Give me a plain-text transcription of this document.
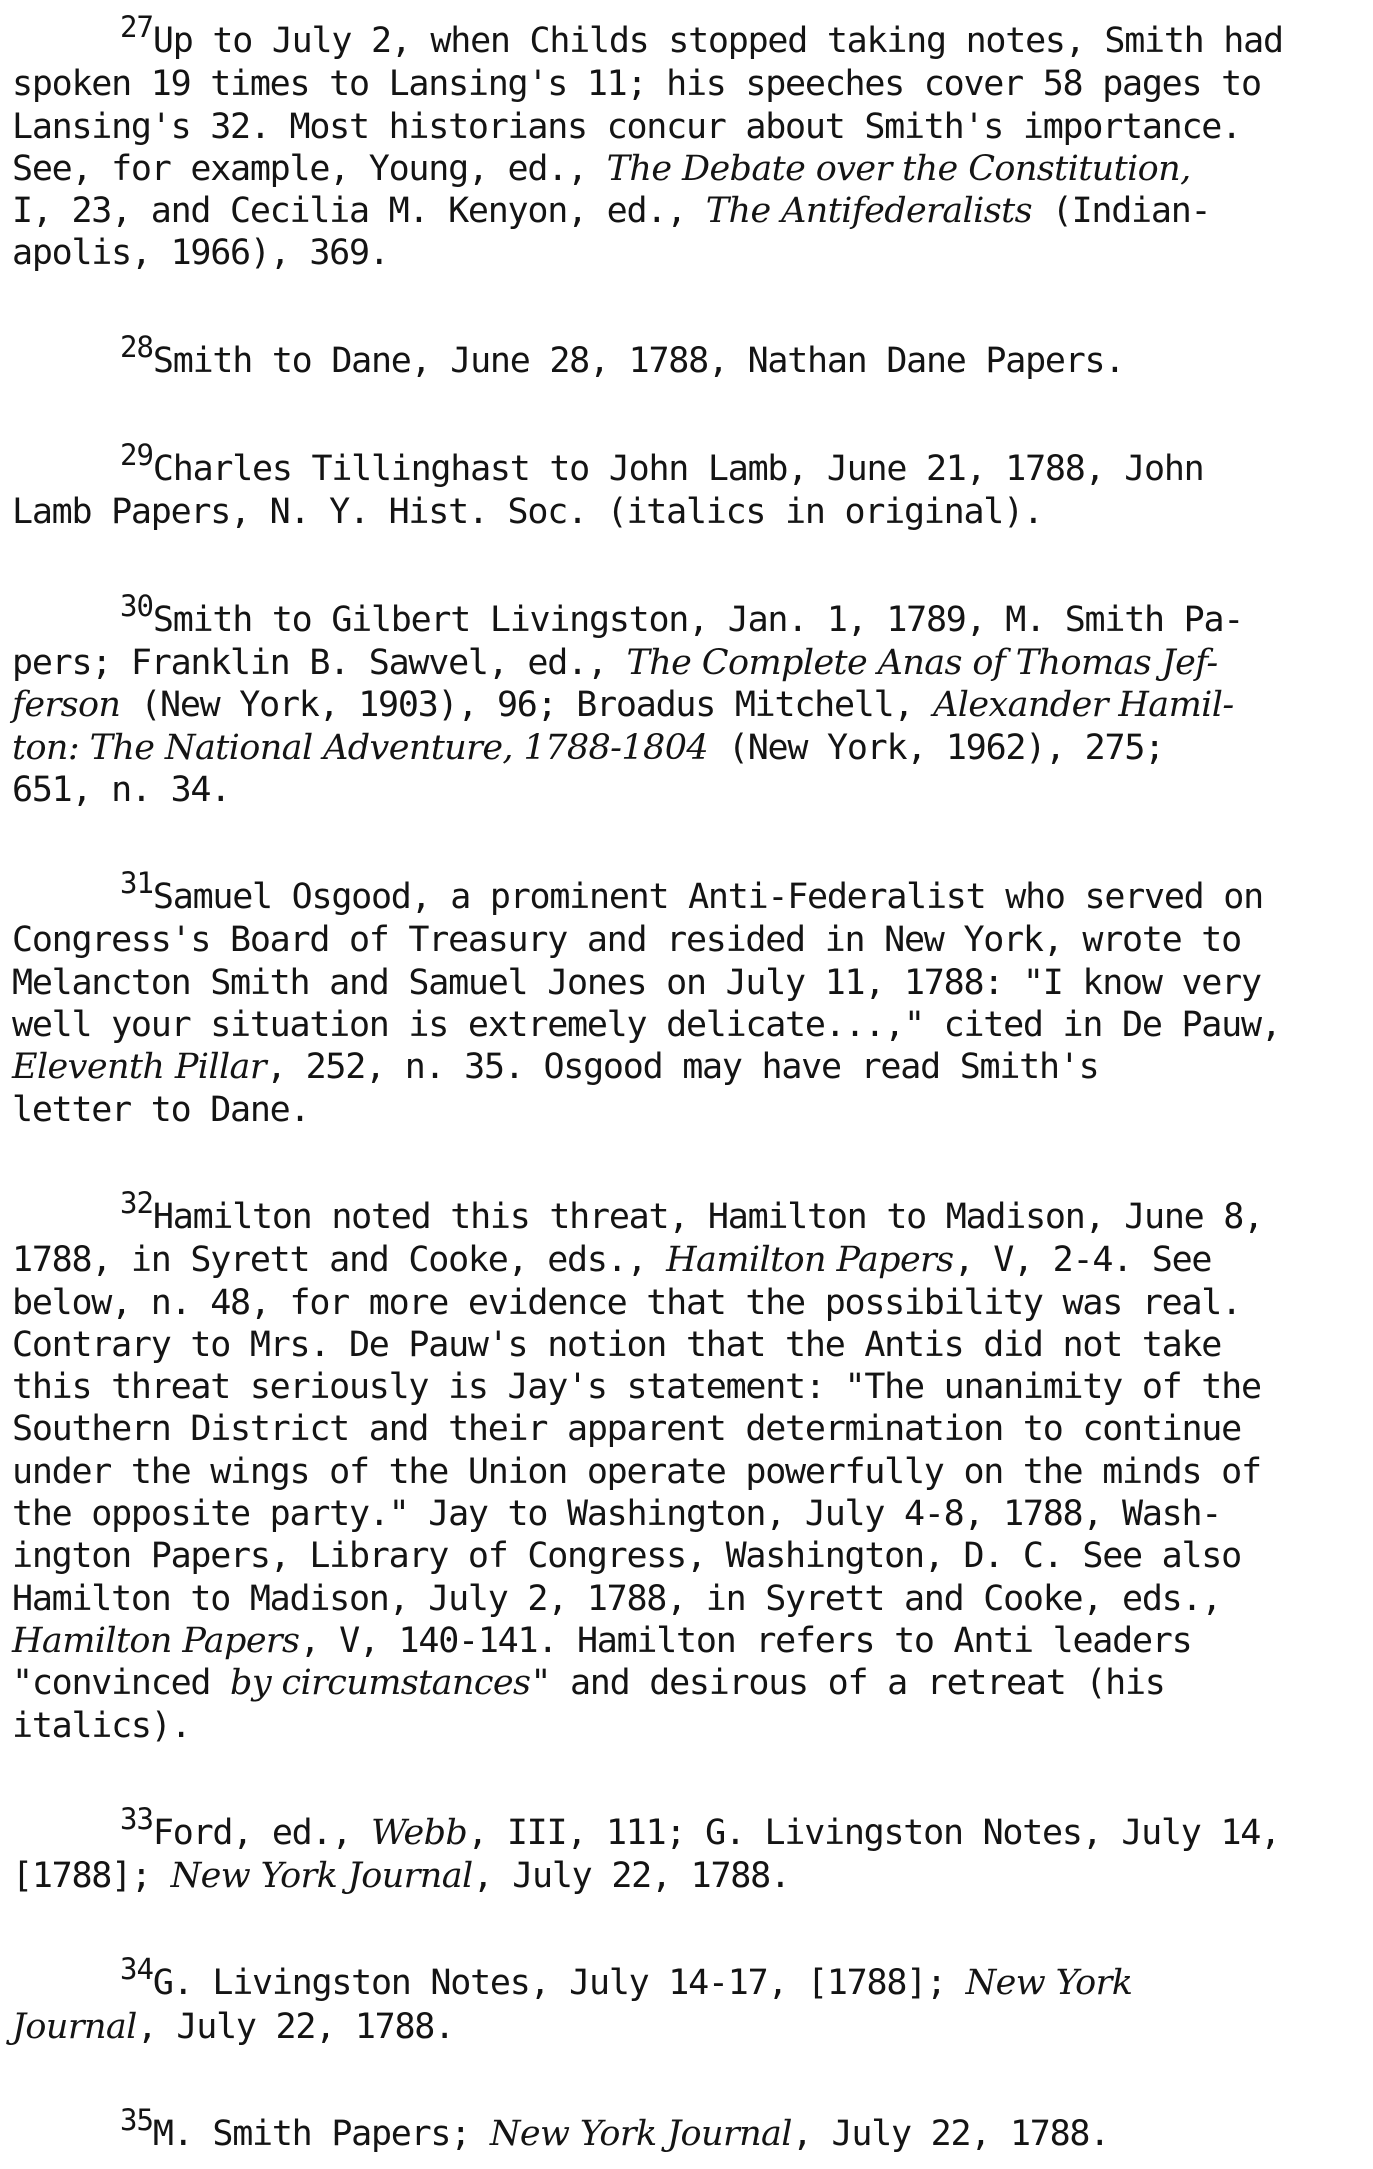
$^{27}$Up to July 2, when Childs stopped taking notes, Smith had
spoken 19 times to Lansing's 11; his speeches cover 58 pages to
Lansing's 32. Most historians concur about Smith's importance.
See, for example, Young, ed., The Debate over the Constitution,
I, 23, and Cecilia M. Kenyon, ed., The Antifederalists (Indian-
apolis, 1966), 369.

$^{28}$Smith to Dane, June 28, 1788, Nathan Dane Papers.

$^{29}$Charles Tillinghast to John Lamb, June 21, 1788, John
Lamb Papers, N. Y. Hist. Soc. (italics in original).

$^{30}$Smith to Gilbert Livingston, Jan. 1, 1789, M. Smith Pa-
pers; Franklin B. Sawvel, ed., The Complete Anas of Thomas Jef-
ferson (New York, 1903), 96; Broadus Mitchell, Alexander Hamil-
ton: The National Adventure, 1788-1804 (New York, 1962), 275;
651, n. 34.

$^{31}$Samuel Osgood, a prominent Anti-Federalist who served on
Congress's Board of Treasury and resided in New York, wrote to
Melancton Smith and Samuel Jones on July 11, 1788: "I know very
well your situation is extremely delicate...," cited in De Pauw,
Eleventh Pillar, 252, n. 35. Osgood may have read Smith's
letter to Dane.

$^{32}$Hamilton noted this threat, Hamilton to Madison, June 8,
1788, in Syrett and Cooke, eds., Hamilton Papers, V, 2-4. See
below, n. 48, for more evidence that the possibility was real.
Contrary to Mrs. De Pauw's notion that the Antis did not take
this threat seriously is Jay's statement: "The unanimity of the
Southern District and their apparent determination to continue
under the wings of the Union operate powerfully on the minds of
the opposite party." Jay to Washington, July 4-8, 1788, Wash-
ington Papers, Library of Congress, Washington, D. C. See also
Hamilton to Madison, July 2, 1788, in Syrett and Cooke, eds.,
Hamilton Papers, V, 140-141. Hamilton refers to Anti leaders
"convinced by circumstances" and desirous of a retreat (his
italics).

$^{33}$Ford, ed., Webb, III, 111; G. Livingston Notes, July 14,
[1788]; New York Journal, July 22, 1788.

$^{34}$G. Livingston Notes, July 14-17, [1788]; New York
Journal, July 22, 1788.

$^{35}$M. Smith Papers; New York Journal, July 22, 1788.
